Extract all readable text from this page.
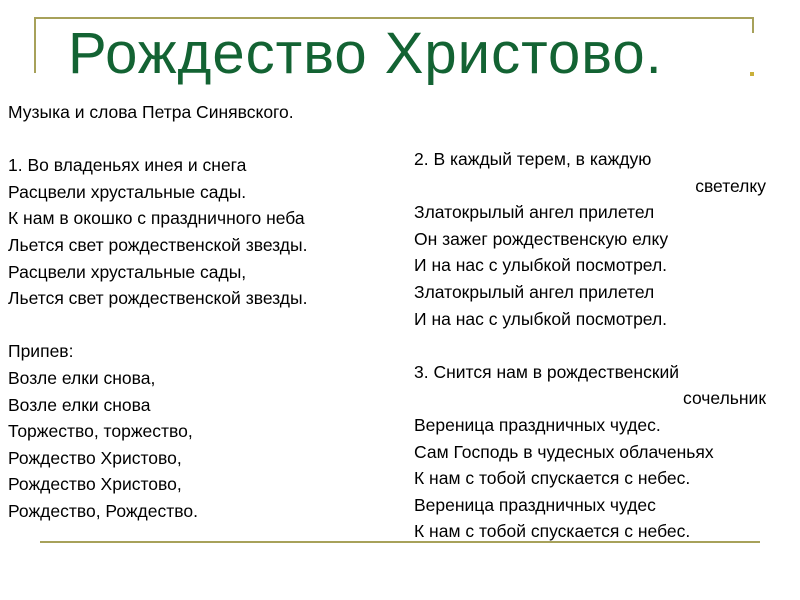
Рождество Христово.
Музыка и слова Петра Синявского.
1. Во владеньях инея и снега
Расцвели хрустальные сады.
К нам в окошко с праздничного неба
Льется свет рождественской звезды.
Расцвели хрустальные сады,
Льется свет рождественской звезды.
Припев:
Возле елки снова,
Возле елки снова
Торжество, торжество,
Рождество Христово,
Рождество Христово,
Рождество, Рождество.
2. В каждый терем, в каждую
светелку
Златокрылый ангел прилетел
Он зажег рождественскую елку
И на нас с улыбкой посмотрел.
Златокрылый ангел прилетел
И на нас с улыбкой посмотрел.
3. Снится нам в рождественский
сочельник
Вереница праздничных чудес.
Сам Господь в чудесных облаченьях
К нам с тобой спускается с небес.
Вереница праздничных чудес
К нам с тобой спускается с небес.
